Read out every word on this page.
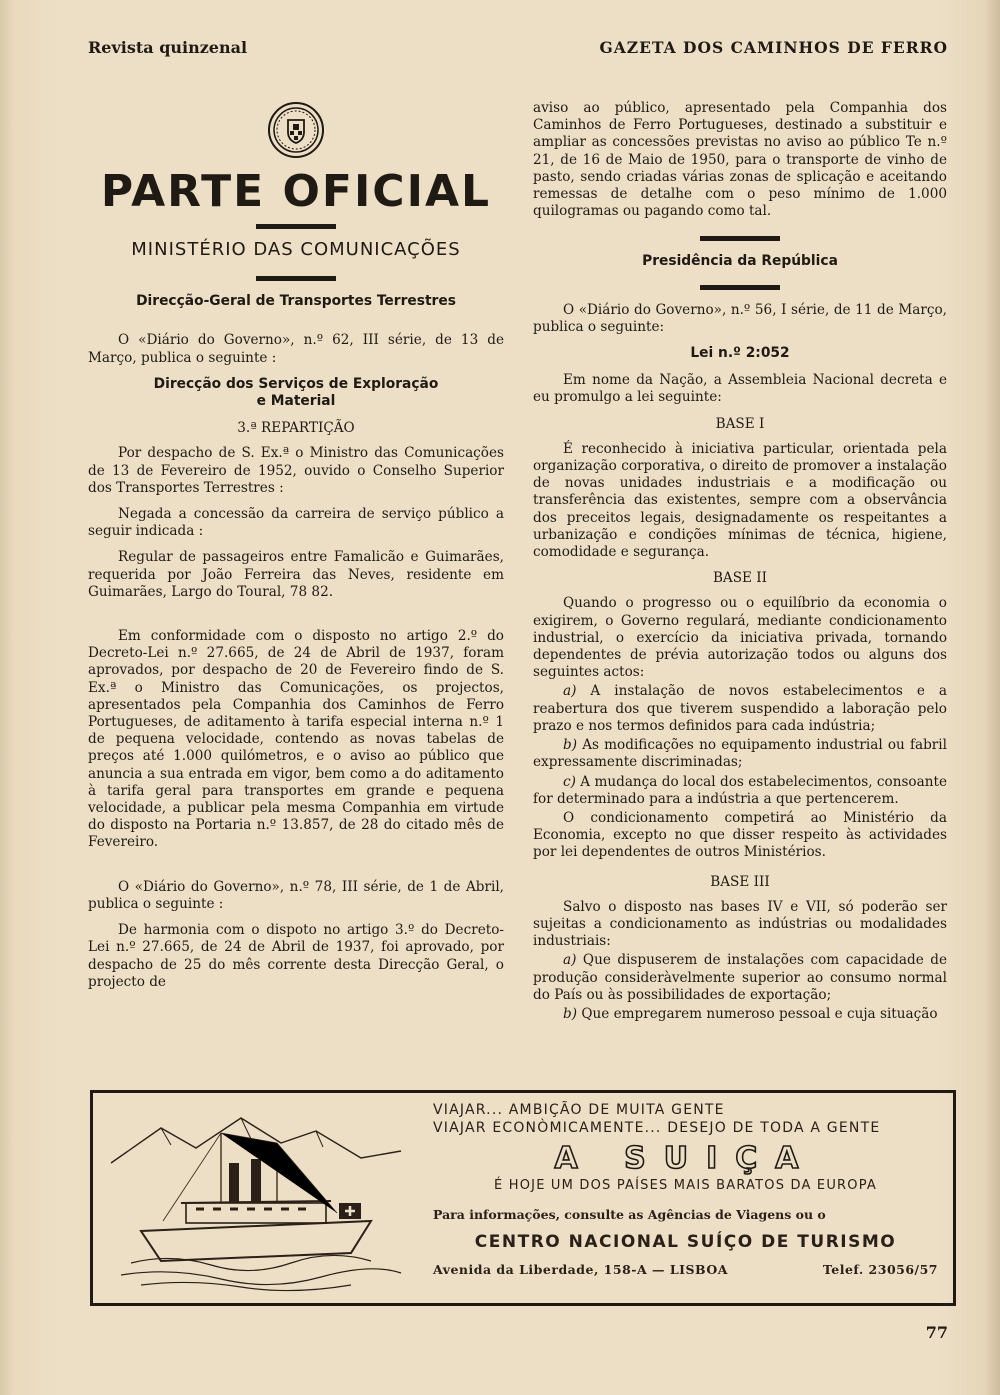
Revista quinzenal	GAZETA DOS CAMINHOS DE FERRO
PARTE OFICIAL
MINISTÉRIO DAS COMUNICAÇÕES
Direcção-Geral de Transportes Terrestres

O «Diário do Governo», n.º 62, III série, de 13 de Março, publica o seguinte :

Direcção dos Serviços de Exploração
e Material
3.ª REPARTIÇÃO

Por despacho de S. Ex.ª o Ministro das Comunicações de 13 de Fevereiro de 1952, ouvido o Conselho Superior dos Transportes Terrestres :

Negada a concessão da carreira de serviço público a seguir indicada :

Regular de passageiros entre Famalicão e Guimarães, requerida por João Ferreira das Neves, residente em Guimarães, Largo do Toural, 78 82.

Em conformidade com o disposto no artigo 2.º do Decreto-Lei n.º 27.665, de 24 de Abril de 1937, foram aprovados, por despacho de 20 de Fevereiro findo de S. Ex.ª o Ministro das Comunicações, os projectos, apresentados pela Companhia dos Caminhos de Ferro Portugueses, de aditamento à tarifa especial interna n.º 1 de pequena velocidade, contendo as novas tabelas de preços até 1.000 quilómetros, e o aviso ao público que anuncia a sua entrada em vigor, bem como a do aditamento à tarifa geral para transportes em grande e pequena velocidade, a publicar pela mesma Companhia em virtude do disposto na Portaria n.º 13.857, de 28 do citado mês de Fevereiro.

O «Diário do Governo», n.º 78, III série, de 1 de Abril, publica o seguinte :

De harmonia com o dispoto no artigo 3.º do Decreto-Lei n.º 27.665, de 24 de Abril de 1937, foi aprovado, por despacho de 25 do mês corrente desta Direcção Geral, o projecto de

aviso ao público, apresentado pela Companhia dos Caminhos de Ferro Portugueses, destinado a substituir e ampliar as concessões previstas no aviso ao público Te n.º 21, de 16 de Maio de 1950, para o transporte de vinho de pasto, sendo criadas várias zonas de splicação e aceitando remessas de detalhe com o peso mínimo de 1.000 quilogramas ou pagando como tal.

Presidência da República

O «Diário do Governo», n.º 56, I série, de 11 de Março, publica o seguinte:

Lei n.º 2:052

Em nome da Nação, a Assembleia Nacional decreta e eu promulgo a lei seguinte:

BASE I

É reconhecido à iniciativa particular, orientada pela organização corporativa, o direito de promover a instalação de novas unidades industriais e a modificação ou transferência das existentes, sempre com a observância dos preceitos legais, designadamente os respeitantes a urbanização e condições mínimas de técnica, higiene, comodidade e segurança.

BASE II

Quando o progresso ou o equilíbrio da economia o exigirem, o Governo regulará, mediante condicionamento industrial, o exercício da iniciativa privada, tornando dependentes de prévia autorização todos ou alguns dos seguintes actos:

a) A instalação de novos estabelecimentos e a reabertura dos que tiverem suspendido a laboração pelo prazo e nos termos definidos para cada indústria;

b) As modificações no equipamento industrial ou fabril expressamente discriminadas;

c) A mudança do local dos estabelecimentos, consoante for determinado para a indústria a que pertencerem.

O condicionamento competirá ao Ministério da Economia, excepto no que disser respeito às actividades por lei dependentes de outros Ministérios.

BASE III

Salvo o disposto nas bases IV e VII, só poderão ser sujeitas a condicionamento as indústrias ou modalidades industriais:

a) Que dispuserem de instalações com capacidade de produção consideràvelmente superior ao consumo normal do País ou às possibilidades de exportação;

b) Que empregarem numeroso pessoal e cuja situação

VIAJAR... AMBIÇÃO DE MUITA GENTE
VIAJAR ECONÒMICAMENTE... DESEJO DE TODA A GENTE
A SUIÇA
É HOJE UM DOS PAÍSES MAIS BARATOS DA EUROPA
Para informações, consulte as Agências de Viagens ou o
CENTRO NACIONAL SUÍÇO DE TURISMO
Avenida da Liberdade, 158-A — LISBOA	Telef. 23056/57
77
